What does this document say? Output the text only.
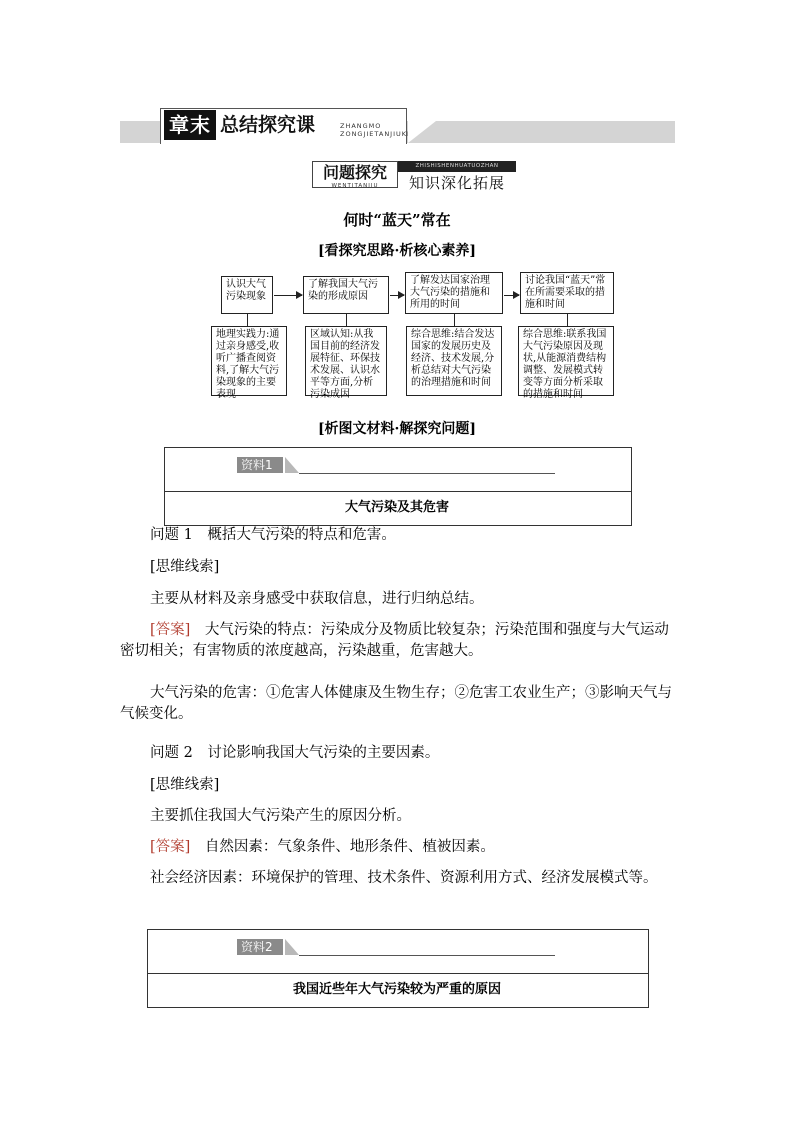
章末 总结探究课	ZHANGMO
ZONGJIETANJIUKE
问题探究
WENTITANJIU
ZHISHISHENHUATUOZHAN
知识深化拓展
何时“蓝天”常在
[看探究思路·析核心素养]
认识大气污染现象
了解我国大气污染的形成原因
了解发达国家治理大气污染的措施和所用的时间
讨论我国“蓝天”常在所需要采取的措施和时间
地理实践力:通过亲身感受,收听广播查阅资料,了解大气污染现象的主要表现
区域认知:从我国目前的经济发展特征、环保技术发展、认识水平等方面,分析污染成因
综合思维:结合发达国家的发展历史及经济、技术发展,分析总结对大气污染的治理措施和时间
综合思维:联系我国大气污染原因及现状,从能源消费结构调整、发展模式转变等方面分析采取的措施和时间
[析图文材料·解探究问题]
资料1
大气污染及其危害
问题 1　概括大气污染的特点和危害。
[思维线索]
主要从材料及亲身感受中获取信息，进行归纳总结。
[答案]　 大气污染的特点：污染成分及物质比较复杂；污染范围和强度与大气运动密切相关；有害物质的浓度越高，污染越重，危害越大。
大气污染的危害：①危害人体健康及生物生存；②危害工农业生产；③影响天气与气候变化。
问题 2　讨论影响我国大气污染的主要因素。
[思维线索]
主要抓住我国大气污染产生的原因分析。
[答案]　 自然因素：气象条件、地形条件、植被因素。
社会经济因素：环境保护的管理、技术条件、资源利用方式、经济发展模式等。
资料2
我国近些年大气污染较为严重的原因
